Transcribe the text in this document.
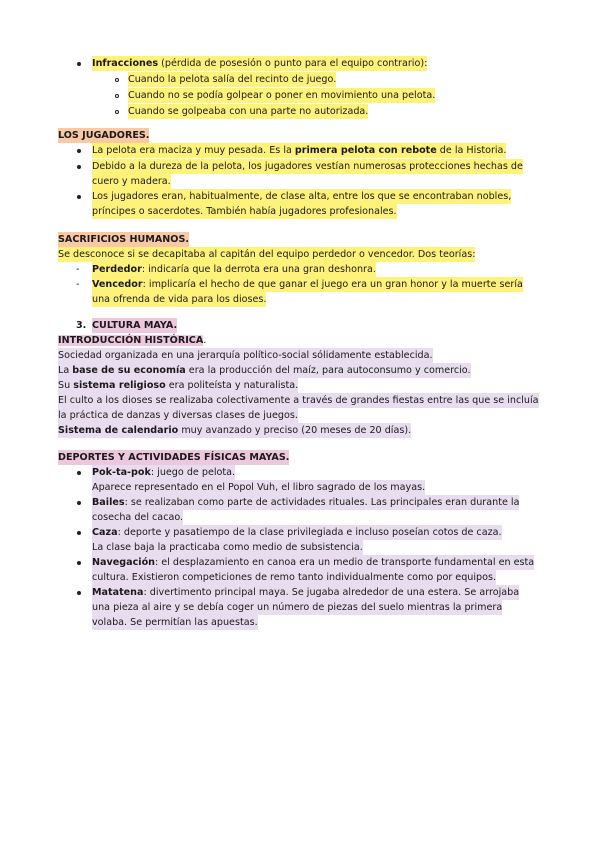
Infracciones (pérdida de posesión o punto para el equipo contrario):
Cuando la pelota salía del recinto de juego.
Cuando no se podía golpear o poner en movimiento una pelota.
Cuando se golpeaba con una parte no autorizada.
LOS JUGADORES.
La pelota era maciza y muy pesada. Es la primera pelota con rebote de la Historia.
Debido a la dureza de la pelota, los jugadores vestían numerosas protecciones hechas de
cuero y madera.
Los jugadores eran, habitualmente, de clase alta, entre los que se encontraban nobles,
príncipes o sacerdotes. También había jugadores profesionales.
SACRIFICIOS HUMANOS.
Se desconoce si se decapitaba al capitán del equipo perdedor o vencedor. Dos teorías:
- Perdedor: indicaría que la derrota era una gran deshonra.
- Vencedor: implicaría el hecho de que ganar el juego era un gran honor y la muerte sería
una ofrenda de vida para los dioses.
3. CULTURA MAYA.
INTRODUCCIÓN HISTÓRICA.
Sociedad organizada en una jerarquía político-social sólidamente establecida.
La base de su economía era la producción del maíz, para autoconsumo y comercio.
Su sistema religioso era politeísta y naturalista.
El culto a los dioses se realizaba colectivamente a través de grandes fiestas entre las que se incluía
la práctica de danzas y diversas clases de juegos.
Sistema de calendario muy avanzado y preciso (20 meses de 20 días).
DEPORTES Y ACTIVIDADES FÍSICAS MAYAS.
Pok-ta-pok: juego de pelota.
Aparece representado en el Popol Vuh, el libro sagrado de los mayas.
Bailes: se realizaban como parte de actividades rituales. Las principales eran durante la
cosecha del cacao.
Caza: deporte y pasatiempo de la clase privilegiada e incluso poseían cotos de caza.
La clase baja la practicaba como medio de subsistencia.
Navegación: el desplazamiento en canoa era un medio de transporte fundamental en esta
cultura. Existieron competiciones de remo tanto individualmente como por equipos.
Matatena: divertimento principal maya. Se jugaba alrededor de una estera. Se arrojaba
una pieza al aire y se debía coger un número de piezas del suelo mientras la primera
volaba. Se permitían las apuestas.
